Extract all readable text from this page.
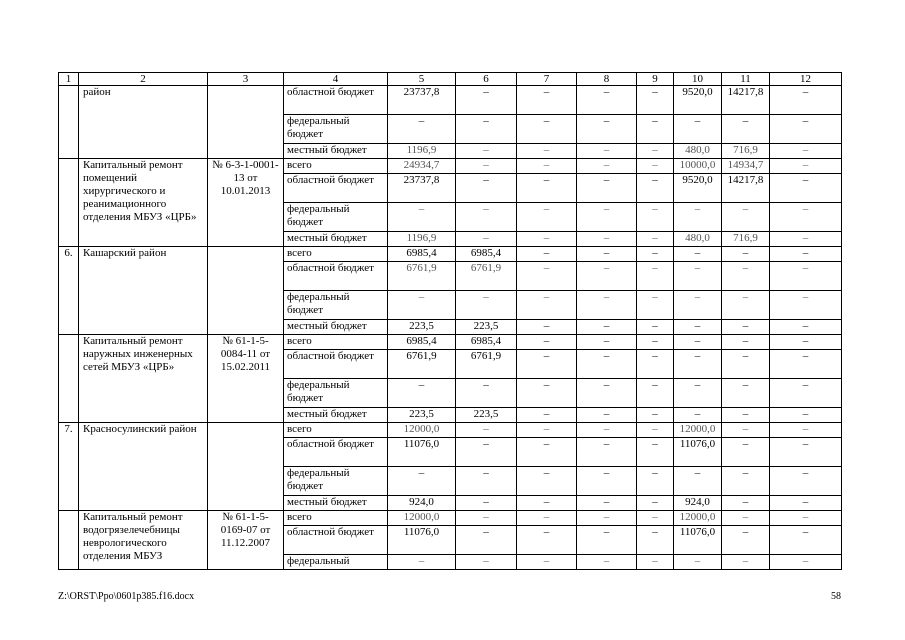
1	2	3	4	5	6	7	8	9	10	11	12
	район		областной бюджет	23737,8	–	–	–	–	9520,0	14217,8	–
			федеральный бюджет	–	–	–	–	–	–	–	–
			местный бюджет	1196,9	–	–	–	–	480,0	716,9	–
	Капитальный ремонт помещений хирургического и реанимационного отделения МБУЗ «ЦРБ»	№ 6-3-1-0001-13 от 10.01.2013	всего	24934,7	–	–	–	–	10000,0	14934,7	–
			областной бюджет	23737,8	–	–	–	–	9520,0	14217,8	–
			федеральный бюджет	–	–	–	–	–	–	–	–
			местный бюджет	1196,9	–	–	–	–	480,0	716,9	–
6.	Кашарский район		всего	6985,4	6985,4	–	–	–	–	–	–
			областной бюджет	6761,9	6761,9	–	–	–	–	–	–
			федеральный бюджет	–	–	–	–	–	–	–	–
			местный бюджет	223,5	223,5	–	–	–	–	–	–
	Капитальный ремонт наружных инженерных сетей МБУЗ «ЦРБ»	№ 61-1-5-0084-11 от 15.02.2011	всего	6985,4	6985,4	–	–	–	–	–	–
			областной бюджет	6761,9	6761,9	–	–	–	–	–	–
			федеральный бюджет	–	–	–	–	–	–	–	–
			местный бюджет	223,5	223,5	–	–	–	–	–	–
7.	Красносулинский район		всего	12000,0	–	–	–	–	12000,0	–	–
			областной бюджет	11076,0	–	–	–	–	11076,0	–	–
			федеральный бюджет	–	–	–	–	–	–	–	–
			местный бюджет	924,0	–	–	–	–	924,0	–	–
	Капитальный ремонт водогрязелечебницы неврологического отделения МБУЗ	№ 61-1-5-0169-07 от 11.12.2007	всего	12000,0	–	–	–	–	12000,0	–	–
			областной бюджет	11076,0	–	–	–	–	11076,0	–	–
			федеральный	–	–	–	–	–	–	–	–
Z:\ORST\Ppo\0601p385.f16.docx	58
